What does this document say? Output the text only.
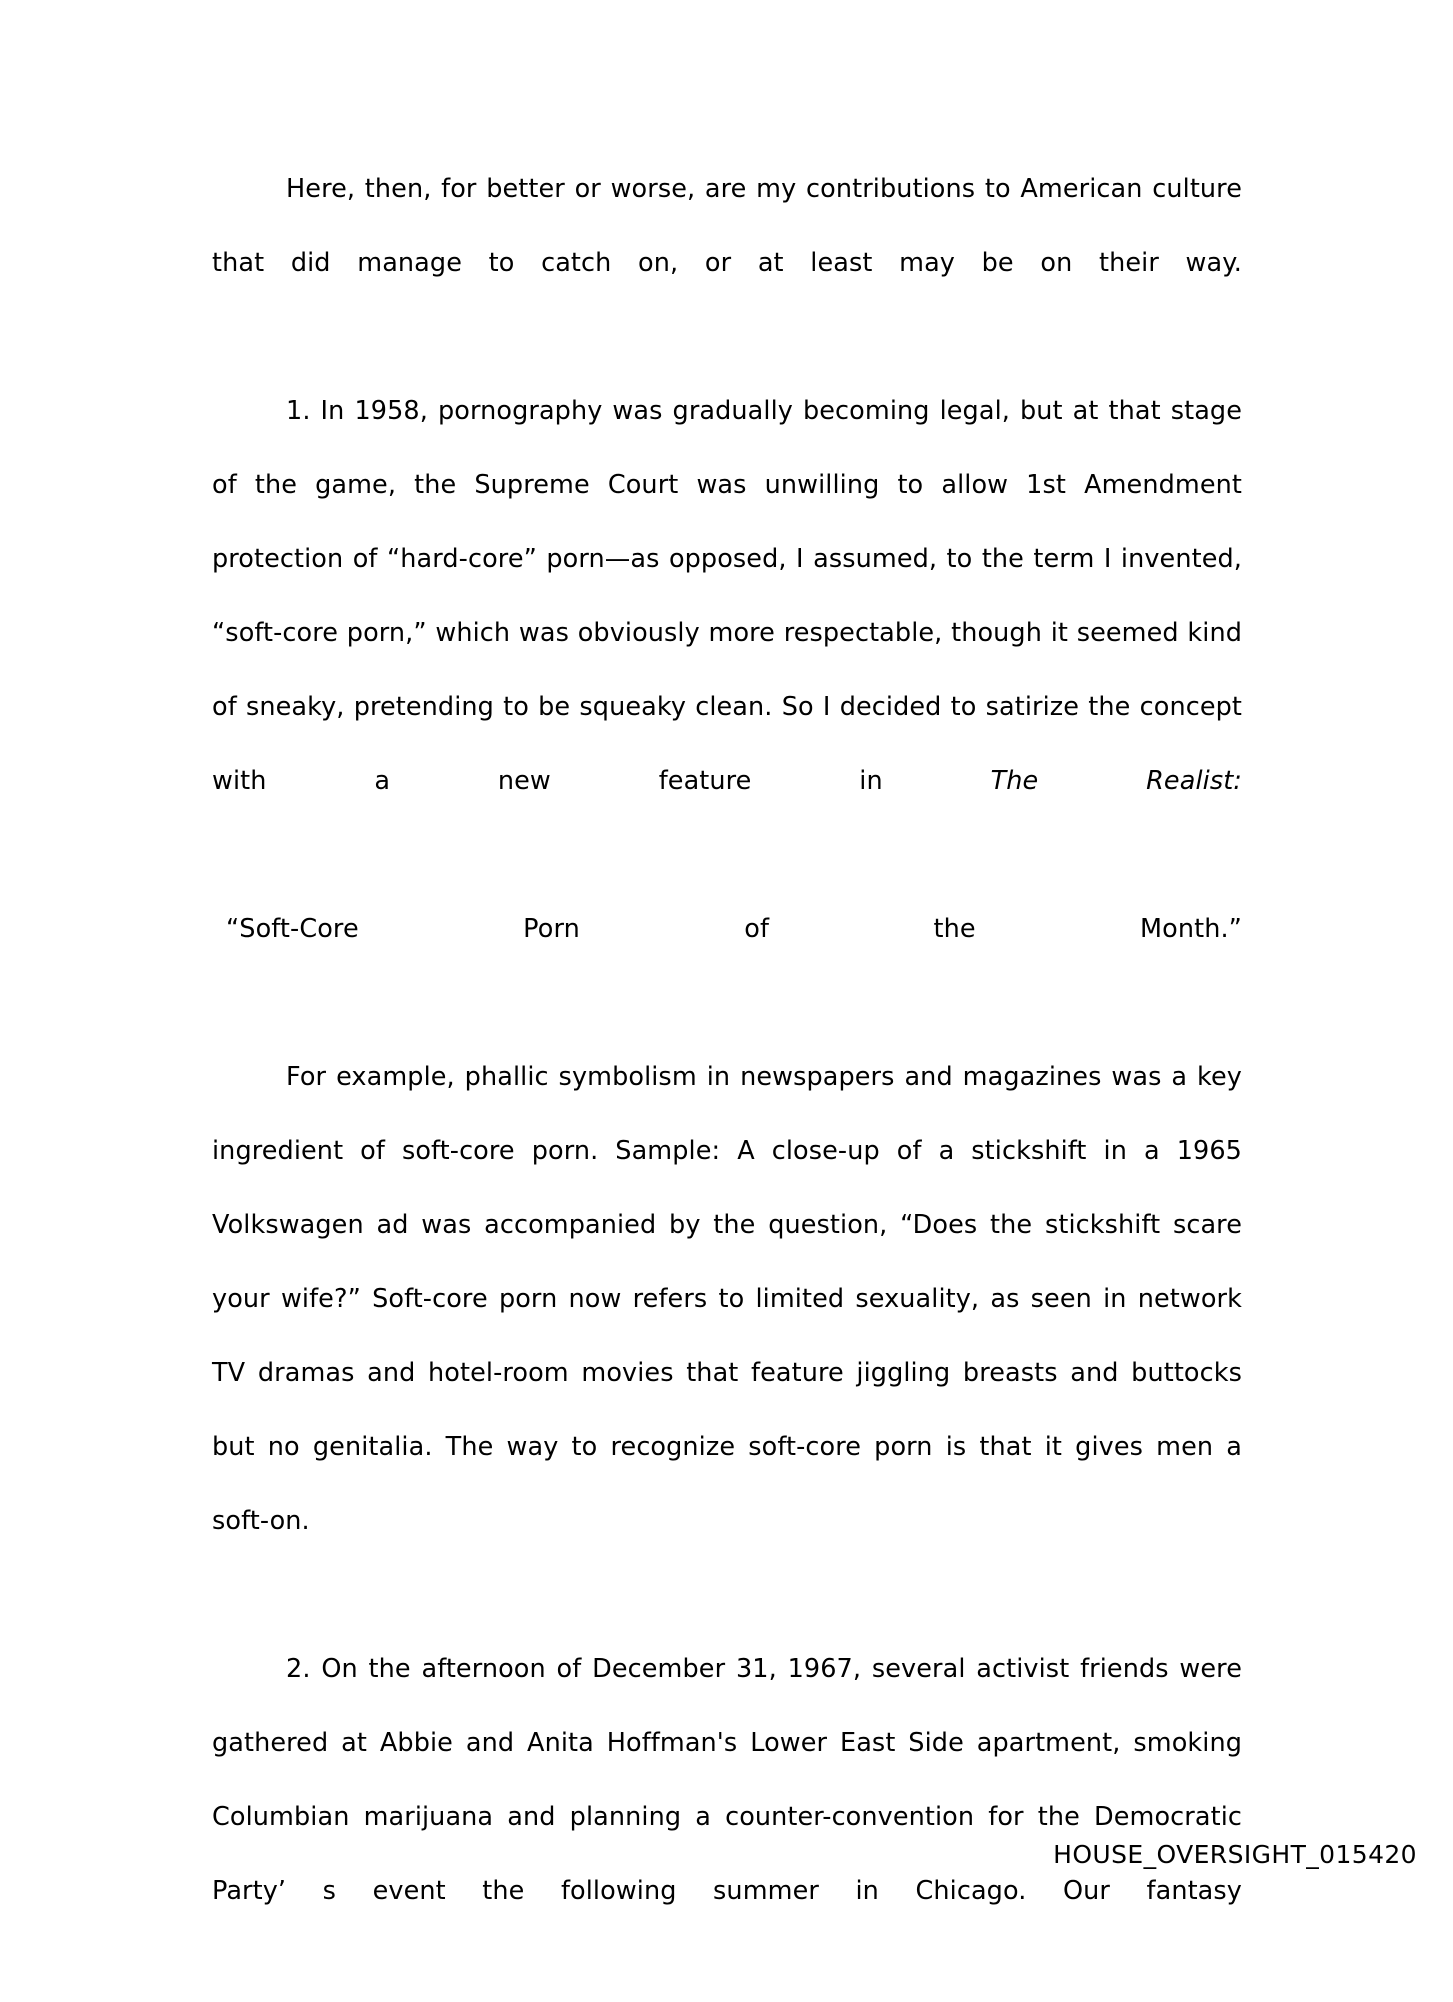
Here, then, for better or worse, are my contributions to American culture that did manage to catch on, or at least may be on their way.

1. In 1958, pornography was gradually becoming legal, but at that stage of the game, the Supreme Court was unwilling to allow 1st Amendment protection of “hard-core” porn—as opposed, I assumed, to the term I invented, “soft-core porn,” which was obviously more respectable, though it seemed kind of sneaky, pretending to be squeaky clean. So I decided to satirize the concept with a new feature in The Realist:

“Soft-Core Porn of the Month.”

For example, phallic symbolism in newspapers and magazines was a key ingredient of soft-core porn. Sample: A close-up of a stickshift in a 1965 Volkswagen ad was accompanied by the question, “Does the stickshift scare your wife?” Soft-core porn now refers to limited sexuality, as seen in network TV dramas and hotel-room movies that feature jiggling breasts and buttocks but no genitalia. The way to recognize soft-core porn is that it gives men a soft-on.

2. On the afternoon of December 31, 1967, several activist friends were gathered at Abbie and Anita Hoffman's Lower East Side apartment, smoking Columbian marijuana and planning a counter-convention for the Democratic Party’ s event the following summer in Chicago. Our fantasy

HOUSE_OVERSIGHT_015420
